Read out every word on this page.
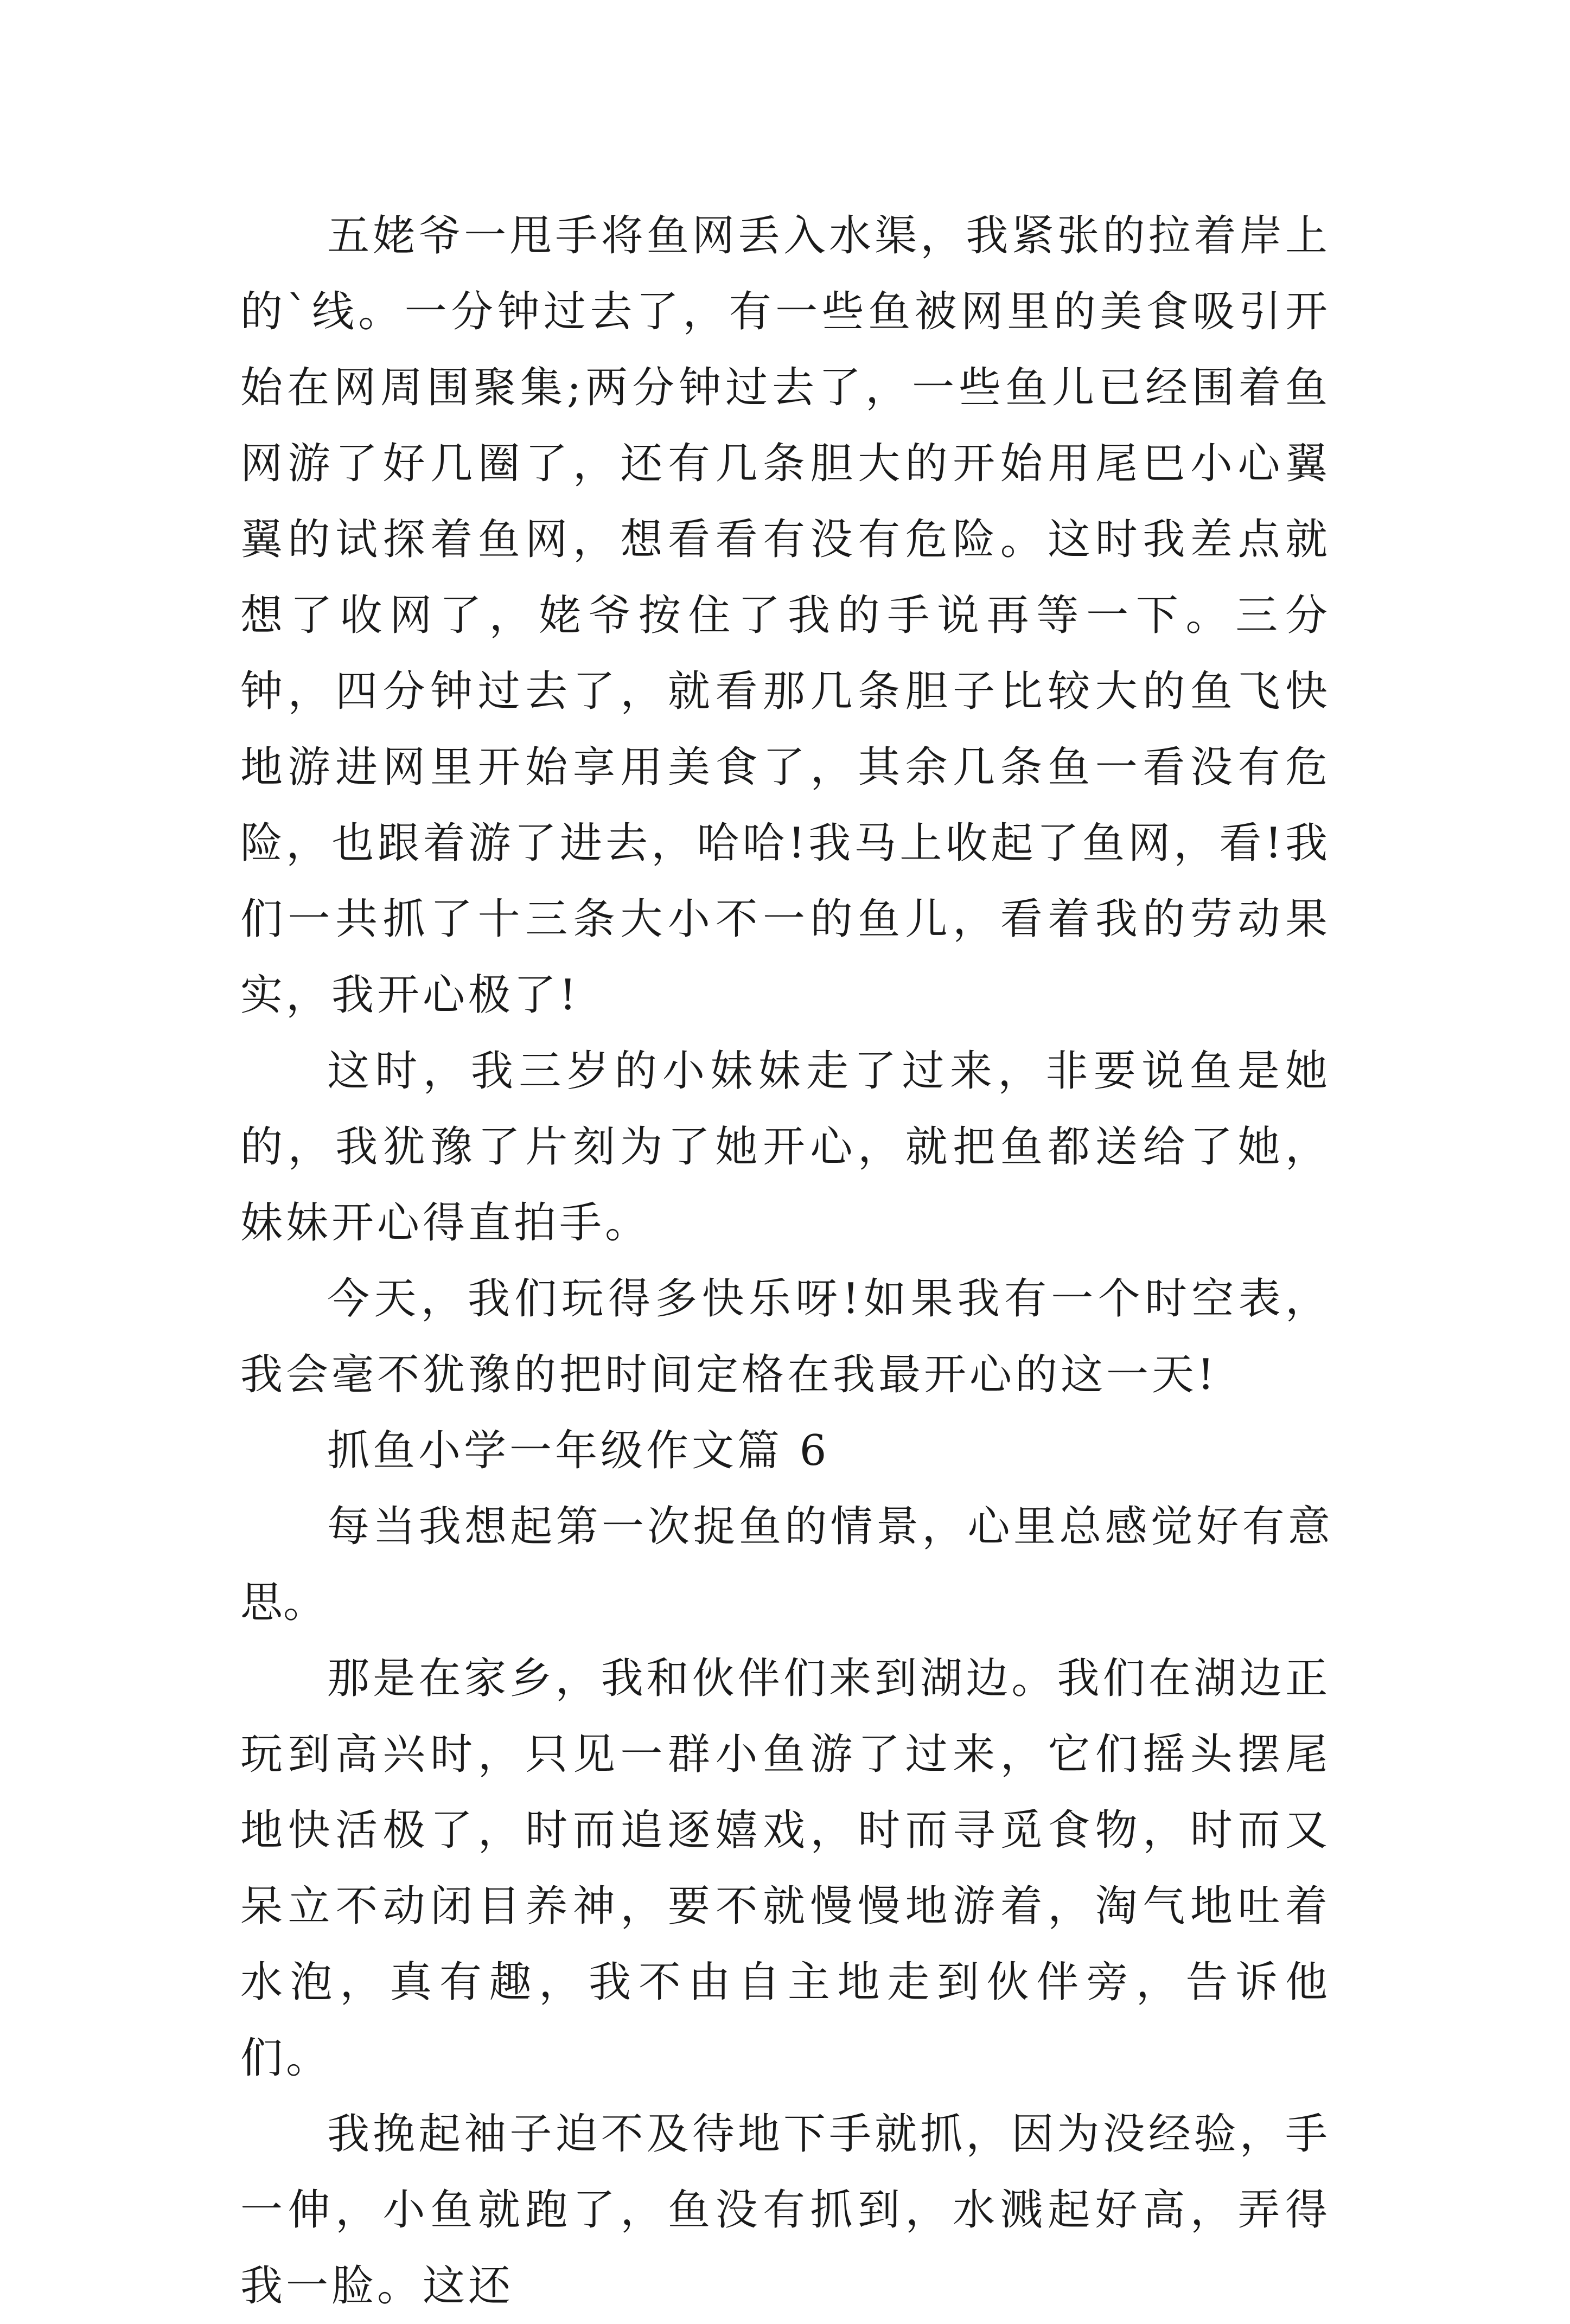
五姥爷一甩手将鱼网丢入水渠，我紧张的拉着岸上的`线。一分钟过去了，有一些鱼被网里的美食吸引开始在网周围聚集;两分钟过去了，一些鱼儿已经围着鱼网游了好几圈了，还有几条胆大的开始用尾巴小心翼翼的试探着鱼网，想看看有没有危险。这时我差点就想了收网了，姥爷按住了我的手说再等一下。三分钟，四分钟过去了，就看那几条胆子比较大的鱼飞快地游进网里开始享用美食了，其余几条鱼一看没有危险，也跟着游了进去，哈哈!我马上收起了鱼网，看!我们一共抓了十三条大小不一的鱼儿，看着我的劳动果实，我开心极了!

这时，我三岁的小妹妹走了过来，非要说鱼是她的，我犹豫了片刻为了她开心，就把鱼都送给了她，妹妹开心得直拍手。

今天，我们玩得多快乐呀!如果我有一个时空表，我会毫不犹豫的把时间定格在我最开心的这一天!

抓鱼小学一年级作文篇 6

每当我想起第一次捉鱼的情景，心里总感觉好有意思。

那是在家乡，我和伙伴们来到湖边。我们在湖边正玩到高兴时，只见一群小鱼游了过来，它们摇头摆尾地快活极了，时而追逐嬉戏，时而寻觅食物，时而又呆立不动闭目养神，要不就慢慢地游着，淘气地吐着水泡，真有趣，我不由自主地走到伙伴旁，告诉他们。

我挽起袖子迫不及待地下手就抓，因为没经验，手一伸，小鱼就跑了，鱼没有抓到，水溅起好高，弄得我一脸。这还
